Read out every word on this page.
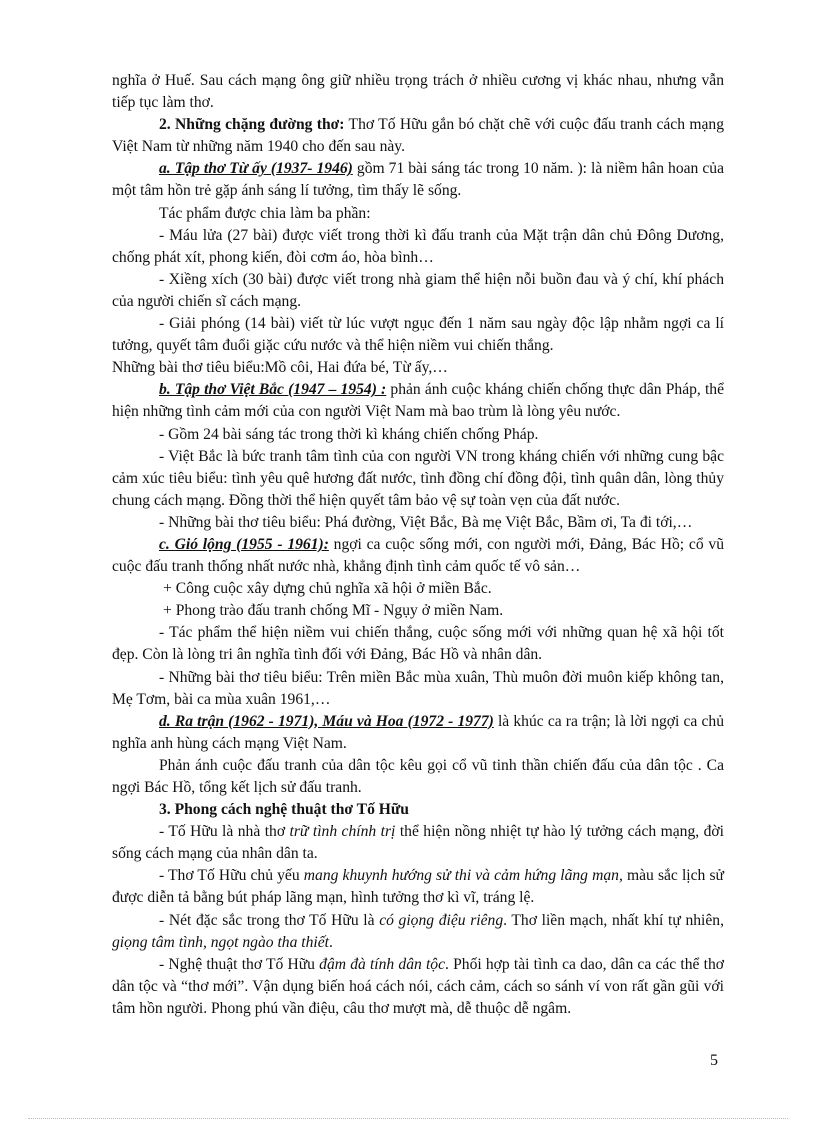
nghĩa ở Huế. Sau cách mạng ông giữ nhiều trọng trách ở nhiều cương vị khác nhau, nhưng vẫn tiếp tục làm thơ.

2. Những chặng đường thơ: Thơ Tố Hữu gắn bó chặt chẽ với cuộc đấu tranh cách mạng Việt Nam từ những năm 1940 cho đến sau này.

a. Tập thơ Từ ấy (1937- 1946) gồm 71 bài sáng tác trong 10 năm. ): là niềm hân hoan của một tâm hồn trẻ gặp ánh sáng lí tưởng, tìm thấy lẽ sống.

Tác phẩm được chia làm ba phần:

- Máu lửa (27 bài) được viết trong thời kì đấu tranh của Mặt trận dân chủ Đông Dương, chống phát xít, phong kiến, đòi cơm áo, hòa bình…

- Xiềng xích (30 bài) được viết trong nhà giam thể hiện nỗi buồn đau và ý chí, khí phách của người chiến sĩ cách mạng.

- Giải phóng (14 bài) viết từ lúc vượt ngục đến 1 năm sau ngày độc lập nhằm ngợi ca lí tưởng, quyết tâm đuổi giặc cứu nước và thể hiện niềm vui chiến thắng.

Những bài thơ tiêu biểu:Mồ côi, Hai đứa bé, Từ ấy,…

b. Tập thơ Việt Bắc (1947 – 1954) : phản ánh cuộc kháng chiến chống thực dân Pháp, thể hiện những tình cảm mới của con người Việt Nam mà bao trùm là lòng yêu nước.

- Gồm 24 bài sáng tác trong thời kì kháng chiến chống Pháp.

- Việt Bắc là bức tranh tâm tình của con người VN trong kháng chiến với những cung bậc cảm xúc tiêu biểu: tình yêu quê hương đất nước, tình đồng chí đồng đội, tình quân dân, lòng thủy chung cách mạng. Đồng thời thể hiện quyết tâm bảo vệ sự toàn vẹn của đất nước.

- Những bài thơ tiêu biểu: Phá đường, Việt Bắc, Bà mẹ Việt Bắc, Bầm ơi, Ta đi tới,…

c. Gió lộng (1955 - 1961): ngợi ca cuộc sống mới, con người mới, Đảng, Bác Hồ; cổ vũ cuộc đấu tranh thống nhất nước nhà, khẳng định tình cảm quốc tế vô sản…

+ Công cuộc xây dựng chủ nghĩa xã hội ở miền Bắc.

+ Phong trào đấu tranh chống Mĩ - Ngụy ở miền Nam.

- Tác phẩm thể hiện niềm vui chiến thắng, cuộc sống mới với những quan hệ xã hội tốt đẹp. Còn là lòng tri ân nghĩa tình đối với Đảng, Bác Hồ và nhân dân.

- Những bài thơ tiêu biểu: Trên miền Bắc mùa xuân, Thù muôn đời muôn kiếp không tan, Mẹ Tơm, bài ca mùa xuân 1961,…

d. Ra trận (1962 - 1971), Máu và Hoa (1972 - 1977) là khúc ca ra trận; là lời ngợi ca chủ nghĩa anh hùng cách mạng Việt Nam.

Phản ánh cuộc đấu tranh của dân tộc kêu gọi cổ vũ tinh thần chiến đấu của dân tộc . Ca ngợi Bác Hồ, tổng kết lịch sử đấu tranh.

3. Phong cách nghệ thuật thơ Tố Hữu

- Tố Hữu là nhà thơ trữ tình chính trị thể hiện nồng nhiệt tự hào lý tưởng cách mạng, đời sống cách mạng của nhân dân ta.

- Thơ Tố Hữu chủ yếu mang khuynh hướng sử thi và cảm hứng lãng mạn, màu sắc lịch sử được diễn tả bằng bút pháp lãng mạn, hình tưởng thơ kì vĩ, tráng lệ.

- Nét đặc sắc trong thơ Tố Hữu là có giọng điệu riêng. Thơ liền mạch, nhất khí tự nhiên, giọng tâm tình, ngọt ngào tha thiết.

- Nghệ thuật thơ Tố Hữu đậm đà tính dân tộc. Phối hợp tài tình ca dao, dân ca các thể thơ dân tộc và “thơ mới”. Vận dụng biến hoá cách nói, cách cảm, cách so sánh ví von rất gần gũi với tâm hồn người. Phong phú vần điệu, câu thơ mượt mà, dễ thuộc dễ ngâm.

5
